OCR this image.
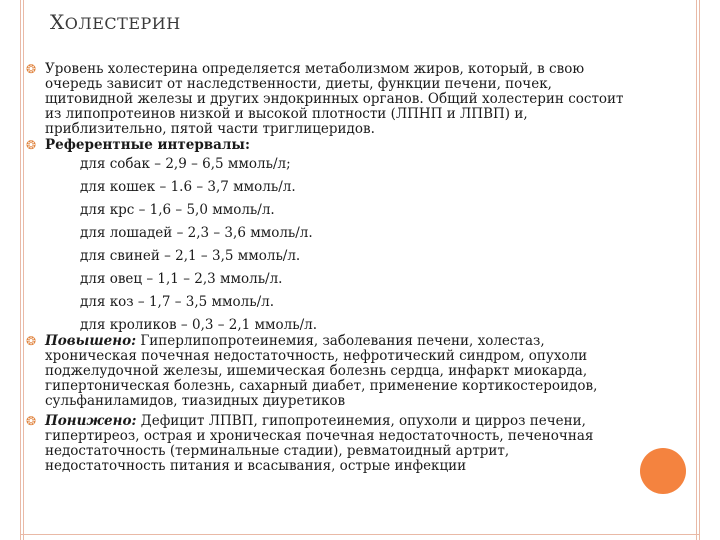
ХОЛЕСТЕРИН
❂ Уровень холестерина определяется метаболизмом жиров, который, в свою очередь зависит от наследственности, диеты, функции печени, почек, щитовидной железы и других эндокринных органов. Общий холестерин состоит из липопротеинов низкой и высокой плотности (ЛПНП и ЛПВП) и, приблизительно, пятой части триглицеридов.
❂ Референтные интервалы:
для собак – 2,9 – 6,5 ммоль/л;
для кошек – 1.6 – 3,7 ммоль/л.
для крс – 1,6 – 5,0 ммоль/л.
для лошадей – 2,3 – 3,6 ммоль/л.
для свиней – 2,1 – 3,5 ммоль/л.
для овец – 1,1 – 2,3 ммоль/л.
для коз – 1,7 – 3,5 ммоль/л.
для кроликов – 0,3 – 2,1 ммоль/л.
❂ Повышено: Гиперлипопротеинемия, заболевания печени, холестаз, хроническая почечная недостаточность, нефротический синдром, опухоли поджелудочной железы, ишемическая болезнь сердца, инфаркт миокарда, гипертоническая болезнь, сахарный диабет, применение кортикостероидов, сульфаниламидов, тиазидных диуретиков
❂ Понижено: Дефицит ЛПВП, гипопротеинемия, опухоли и цирроз печени, гипертиреоз, острая и хроническая почечная недостаточность, печеночная недостаточность (терминальные стадии), ревматоидный артрит, недостаточность питания и всасывания, острые инфекции
